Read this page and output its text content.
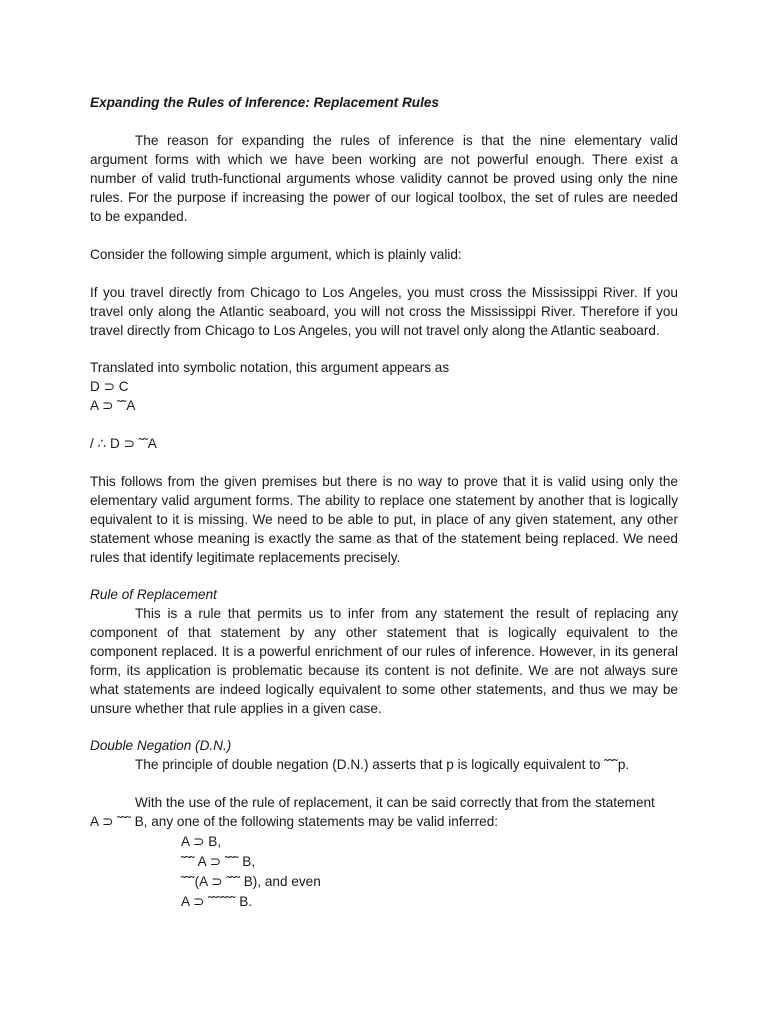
Expanding the Rules of Inference: Replacement Rules
The reason for expanding the rules of inference is that the nine elementary valid
argument forms with which we have been working are not powerful enough. There exist a
number of valid truth-functional arguments whose validity cannot be proved using only the nine
rules. For the purpose if increasing the power of our logical toolbox, the set of rules are needed
to be expanded.
Consider the following simple argument, which is plainly valid:
If you travel directly from Chicago to Los Angeles, you must cross the Mississippi River. If you
travel only along the Atlantic seaboard, you will not cross the Mississippi River. Therefore if you
travel directly from Chicago to Los Angeles, you will not travel only along the Atlantic seaboard.
Translated into symbolic notation, this argument appears as
D ⊃ C
A ⊃ ˜˜A
/ ∴ D ⊃ ˜˜A
This follows from the given premises but there is no way to prove that it is valid using only the
elementary valid argument forms. The ability to replace one statement by another that is logically
equivalent to it is missing. We need to be able to put, in place of any given statement, any other
statement whose meaning is exactly the same as that of the statement being replaced. We need
rules that identify legitimate replacements precisely.
Rule of Replacement
This is a rule that permits us to infer from any statement the result of replacing any
component of that statement by any other statement that is logically equivalent to the
component replaced. It is a powerful enrichment of our rules of inference. However, in its general
form, its application is problematic because its content is not definite. We are not always sure
what statements are indeed logically equivalent to some other statements, and thus we may be
unsure whether that rule applies in a given case.
Double Negation (D.N.)
The principle of double negation (D.N.) asserts that p is logically equivalent to ˜˜˜p.
With the use of the rule of replacement, it can be said correctly that from the statement
A ⊃ ˜˜˜ B, any one of the following statements may be valid inferred:
A ⊃ B,
˜˜˜ A ⊃ ˜˜˜ B,
˜˜˜(A ⊃ ˜˜˜ B), and even
A ⊃ ˜˜˜˜˜˜ B.
